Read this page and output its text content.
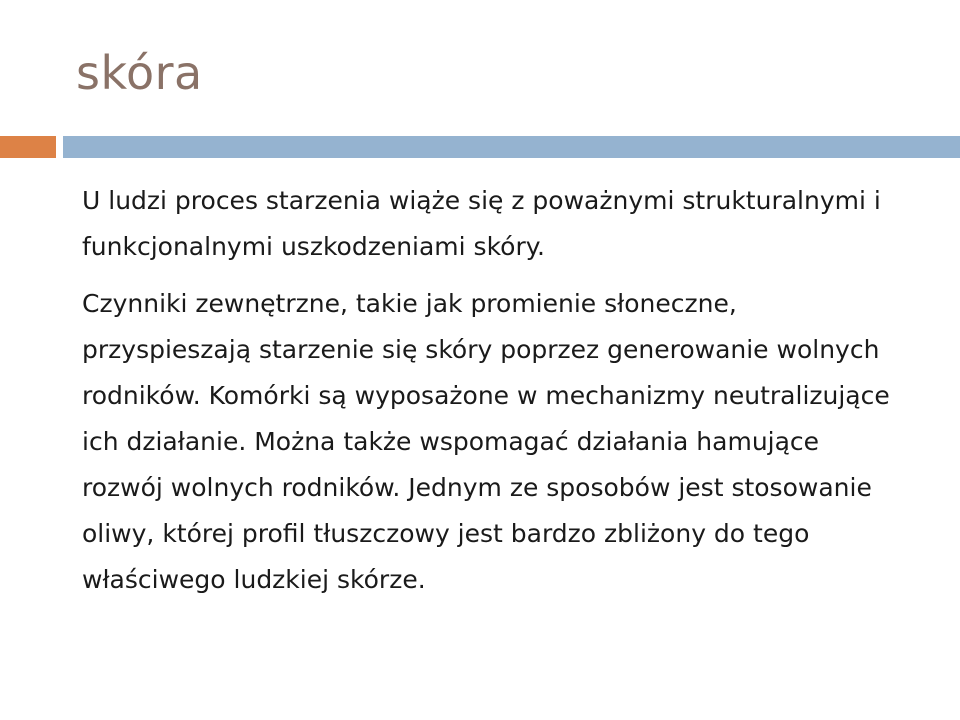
skóra

U ludzi proces starzenia wiąże się z poważnymi strukturalnymi i funkcjonalnymi uszkodzeniami skóry.

Czynniki zewnętrzne, takie jak promienie słoneczne, przyspieszają starzenie się skóry poprzez generowanie wolnych rodników. Komórki są wyposażone w mechanizmy neutralizujące ich działanie. Można także wspomagać działania hamujące rozwój wolnych rodników. Jednym ze sposobów jest stosowanie oliwy, której profil tłuszczowy jest bardzo zbliżony do tego właściwego ludzkiej skórze.
